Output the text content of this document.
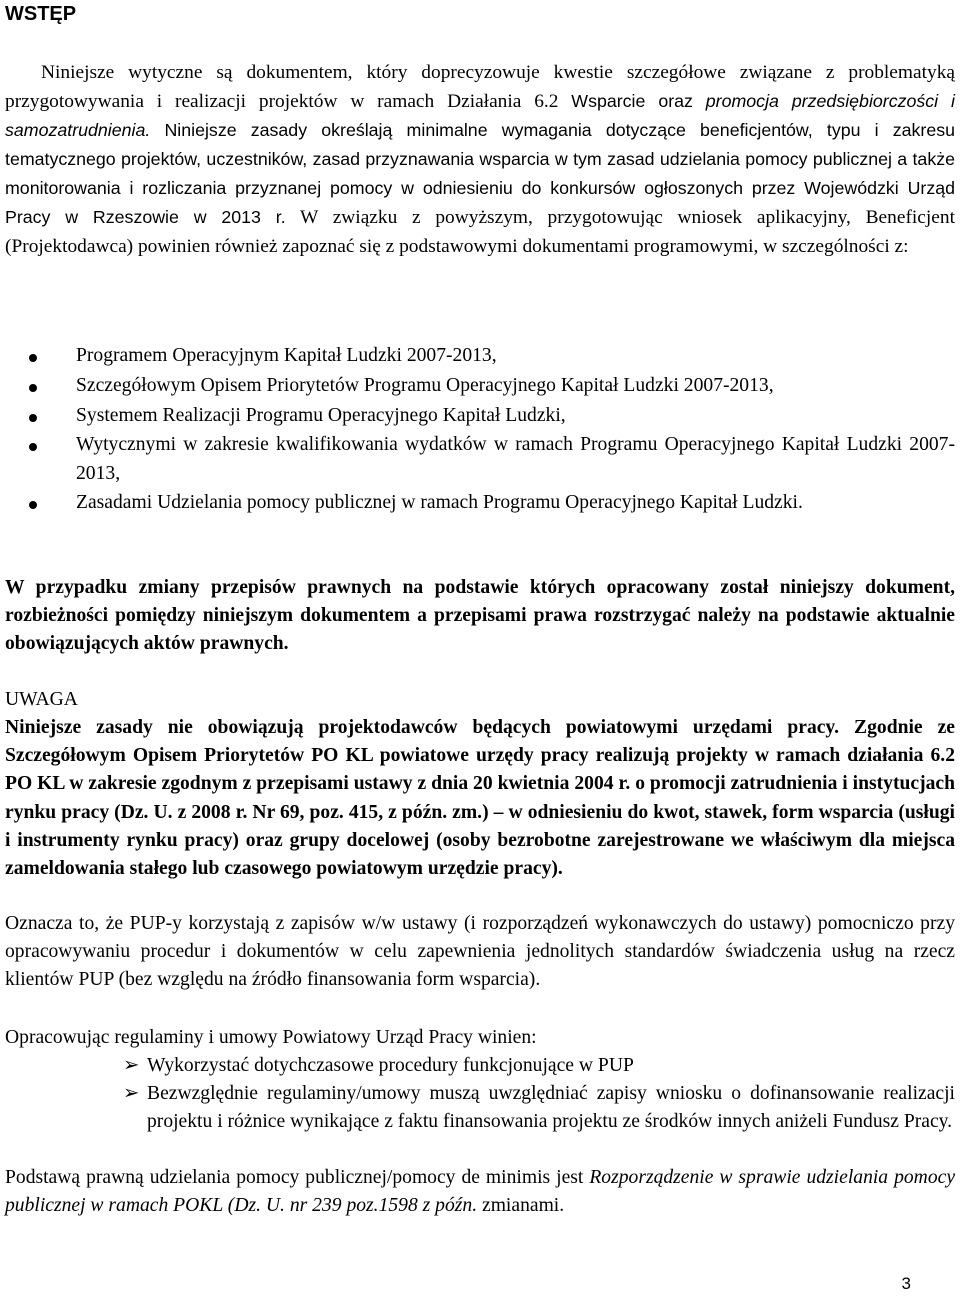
WSTĘP

Niniejsze wytyczne są dokumentem, który doprecyzowuje kwestie szczegółowe związane z problematyką przygotowywania i realizacji projektów w ramach Działania 6.2 Wsparcie oraz promocja przedsiębiorczości i samozatrudnienia. Niniejsze zasady określają minimalne wymagania dotyczące beneficjentów, typu i zakresu tematycznego projektów, uczestników, zasad przyznawania wsparcia w tym zasad udzielania pomocy publicznej a także monitorowania i rozliczania przyznanej pomocy w odniesieniu do konkursów ogłoszonych przez Wojewódzki Urząd Pracy w Rzeszowie w 2013 r. W związku z powyższym, przygotowując wniosek aplikacyjny, Beneficjent (Projektodawca) powinien również zapoznać się z podstawowymi dokumentami programowymi, w szczególności z:

Programem Operacyjnym Kapitał Ludzki 2007-2013,
Szczegółowym Opisem Priorytetów Programu Operacyjnego Kapitał Ludzki 2007-2013,
Systemem Realizacji Programu Operacyjnego Kapitał Ludzki,
Wytycznymi w zakresie kwalifikowania wydatków w ramach Programu Operacyjnego Kapitał Ludzki 2007- 2013,
Zasadami Udzielania pomocy publicznej w ramach Programu Operacyjnego Kapitał Ludzki.

W przypadku zmiany przepisów prawnych na podstawie których opracowany został niniejszy dokument, rozbieżności pomiędzy niniejszym dokumentem a przepisami prawa rozstrzygać należy na podstawie aktualnie obowiązujących aktów prawnych.

UWAGA

Niniejsze zasady nie obowiązują projektodawców będących powiatowymi urzędami pracy. Zgodnie ze Szczegółowym Opisem Priorytetów PO KL powiatowe urzędy pracy realizują projekty w ramach działania 6.2 PO KL w zakresie zgodnym z przepisami ustawy z dnia 20 kwietnia 2004 r. o promocji zatrudnienia i instytucjach rynku pracy (Dz. U. z 2008 r. Nr 69, poz. 415, z późn. zm.) – w odniesieniu do kwot, stawek, form wsparcia (usługi i instrumenty rynku pracy) oraz grupy docelowej (osoby bezrobotne zarejestrowane we właściwym dla miejsca zameldowania stałego lub czasowego powiatowym urzędzie pracy).

Oznacza to, że PUP-y korzystają z zapisów w/w ustawy (i rozporządzeń wykonawczych do ustawy) pomocniczo przy opracowywaniu procedur i dokumentów w celu zapewnienia jednolitych standardów świadczenia usług na rzecz klientów PUP (bez względu na źródło finansowania form wsparcia).

Opracowując regulaminy i umowy Powiatowy Urząd Pracy winien:

➢ Wykorzystać dotychczasowe procedury funkcjonujące w PUP
➢ Bezwzględnie regulaminy/umowy muszą uwzględniać zapisy wniosku o dofinansowanie realizacji projektu i różnice wynikające z faktu finansowania projektu ze środków innych aniżeli Fundusz Pracy.

Podstawą prawną udzielania pomocy publicznej/pomocy de minimis jest Rozporządzenie w sprawie udzielania pomocy publicznej w ramach POKL (Dz. U. nr 239 poz.1598 z późn. zmianami.

3
